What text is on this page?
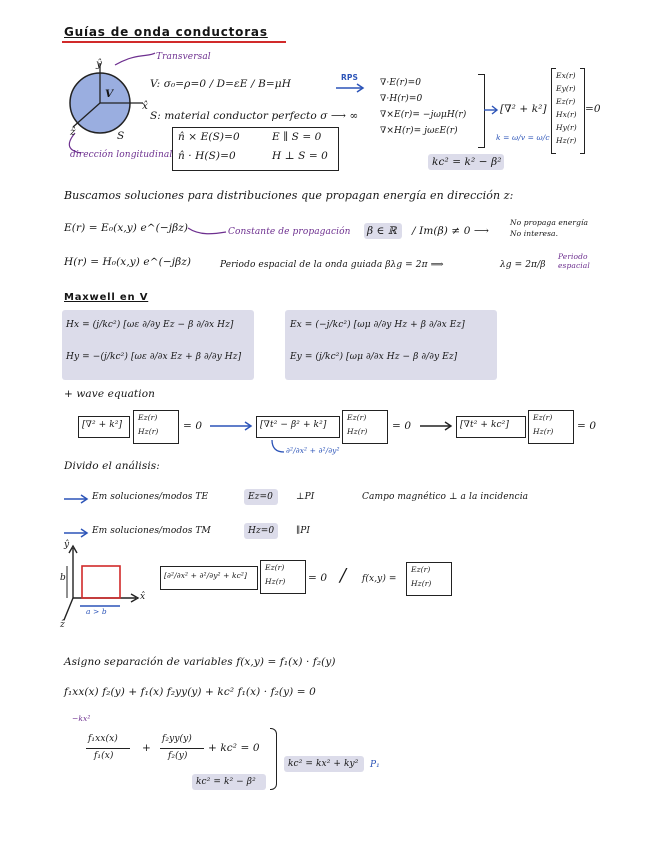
Guías de onda conductoras
ŷ
x̂
ẑ
V
S
Transversal
dirección longitudinal
V: σ₀=ρ=0 / D=εE / B=μH
S: material conductor perfecto σ ⟶ ∞
RPS
n̂ × E(S)=0	E ∥ S = 0
n̂ · H(S)=0	H ⊥ S = 0
∇·E(r)=0
∇·H(r)=0
∇×E(r)= −jωμH(r)
∇×H(r)= jωεE(r)
[∇² + k²]
k = ω/v = ω/c
Ex(r)
Ey(r)
Ez(r)
Hx(r)
Hy(r)
Hz(r)
=0
kc² = k² − β²
Buscamos soluciones para distribuciones que propagan energía en dirección z:
E(r) = E₀(x,y) e^(−jβz)
H(r) = H₀(x,y) e^(−jβz)
Constante de propagación β ∈ ℝ / Im(β) ≠ 0 ⟶
No propaga energía
No interesa.
Periodo espacial de la onda guiada βλg = 2π ⟹	λg = 2π/β
Periodo espacial
Maxwell en V
Hx = (j/kc²) [ωε ∂/∂y Ez − β ∂/∂x Hz]
Hy = −(j/kc²) [ωε ∂/∂x Ez + β ∂/∂y Hz]
Ex = (−j/kc²) [ωμ ∂/∂y Hz + β ∂/∂x Ez]
Ey = (j/kc²) [ωμ ∂/∂x Hz − β ∂/∂y Ez]
+ wave equation
[∇² + k²]
Ez(r)
Hz(r) = 0	[∇t² − β² + k²]
Ez(r)
Hz(r) = 0	[∇t² + kc²]
Ez(r)
Hz(r) = 0
∂²/∂x² + ∂²/∂y²
Divido el análisis:
Em soluciones/modos TE	Ez=0	⊥PI	Campo magnético ⊥ a la incidencia
Em soluciones/modos TM	Hz=0 ∥PI
ŷ
x̂
ẑ
b
a > b
[∂²/∂x² + ∂²/∂y² + kc²]
Ez(r)
Hz(r) = 0 / f(x,y) =
Ez(r)
Hz(r)
Asigno separación de variables f(x,y) = f₁(x) · f₂(y)
f₁xx(x) f₂(y) + f₁(x) f₂yy(y) + kc² f₁(x) · f₂(y) = 0
−kx²
f₁xx(x)
f₁(x)
+
f₂yy(y)
f₂(y)
+ kc² = 0
kc² = k² − β²
kc² = kx² + ky² P₁
